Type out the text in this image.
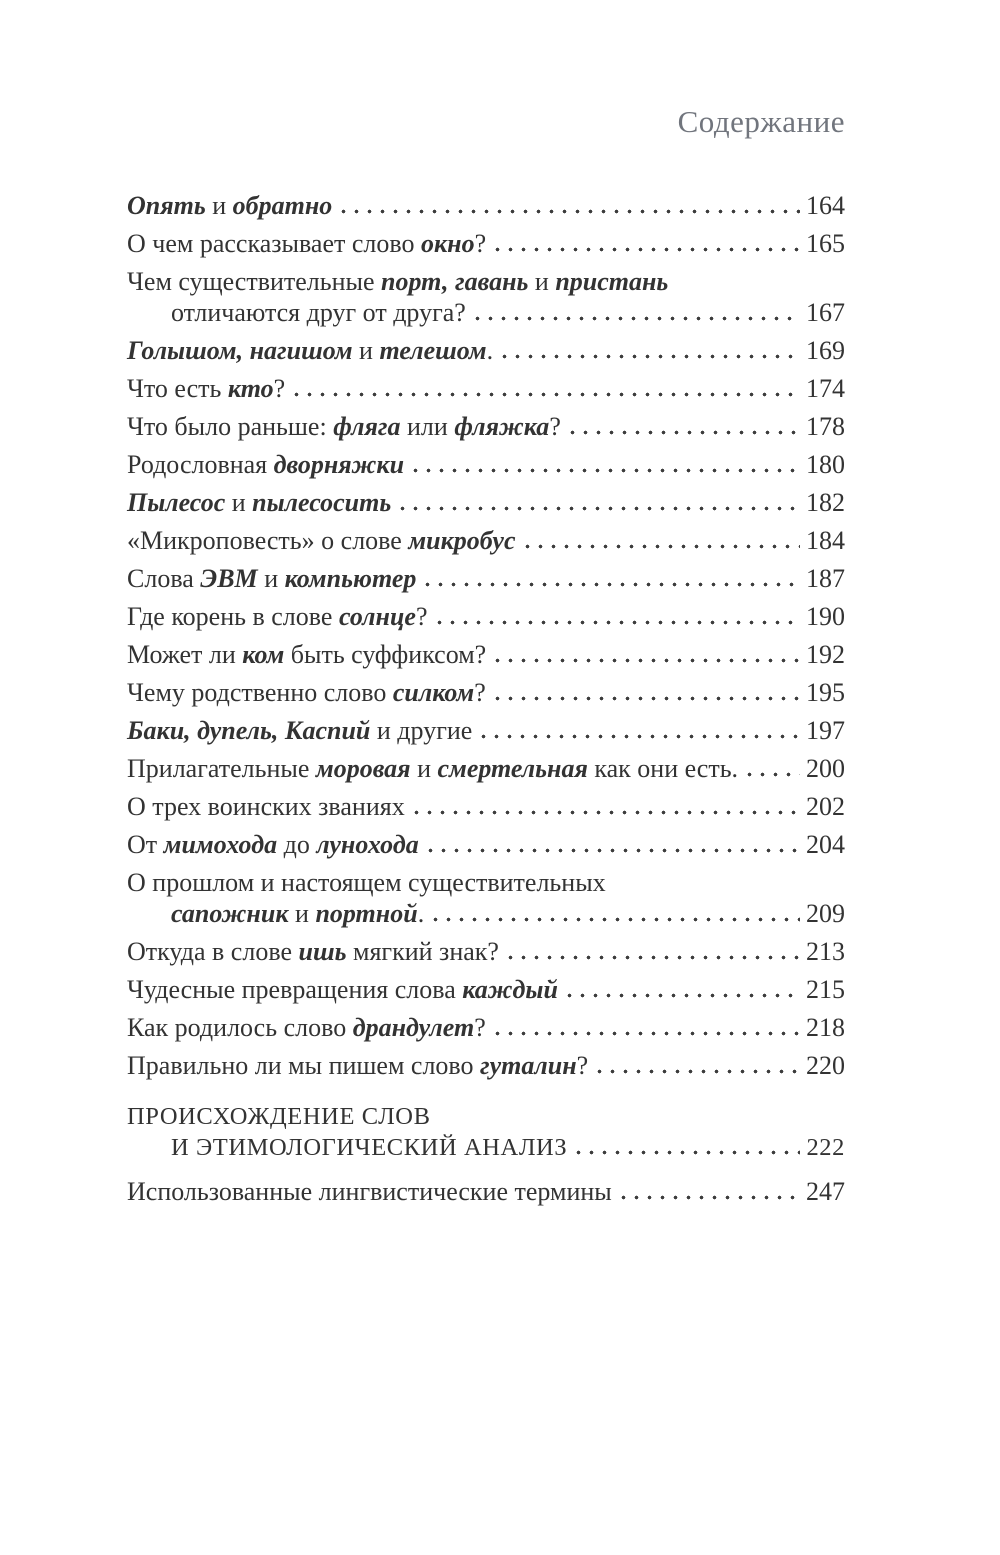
Содержание
Опять и обратно	164
О чем рассказывает слово окно?	165
Чем существительные порт, гавань и пристань
отличаются друг от друга?	167
Голышом, нагишом и телешом.	169
Что есть кто?	174
Что было раньше: фляга или фляжка?	178
Родословная дворняжки	180
Пылесос и пылесосить	182
«Микроповесть» о слове микробус	184
Слова ЭВМ и компьютер	187
Где корень в слове солнце?	190
Может ли ком быть суффиксом?	192
Чему родственно слово силком?	195
Баки, дупель, Каспий и другие	197
Прилагательные моровая и смертельная как они есть.	200
О трех воинских званиях	202
От мимохода до лунохода	204
О прошлом и настоящем существительных
сапожник и портной.	209
Откуда в слове ишь мягкий знак?	213
Чудесные превращения слова каждый	215
Как родилось слово драндулет?	218
Правильно ли мы пишем слово гуталин?	220
ПРОИСХОЖДЕНИЕ СЛОВ
И ЭТИМОЛОГИЧЕСКИЙ АНАЛИЗ	222
Использованные лингвистические термины	247
